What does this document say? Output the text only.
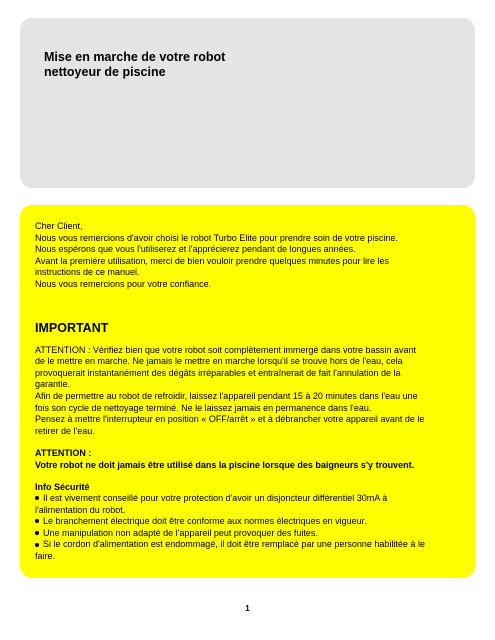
Mise en marche de votre robot
nettoyeur de piscine
Cher Client,
Nous vous remercions d'avoir choisi le robot Turbo Elite pour prendre soin de votre piscine.
Nous espérons que vous l'utiliserez et l'apprécierez pendant de longues années.
Avant la première utilisation, merci de bien vouloir prendre quelques minutes pour lire les
instructions de ce manuel.
Nous vous remercions pour votre confiance.
IMPORTANT
ATTENTION : Vérifiez bien que votre robot soit complètement immergé dans votre bassin avant
de le mettre en marche. Ne jamais le mettre en marche lorsqu'il se trouve hors de l'eau, cela
provoquerait instantanément des dégâts irréparables et entraînerait de fait l'annulation de la
garantie.
Afin de permettre au robot de refroidir, laissez l'appareil pendant 15 à 20 minutes dans l'eau une
fois son cycle de nettoyage terminé. Ne le laissez jamais en permanence dans l'eau.
Pensez à mettre l'interrupteur en position « OFF/arrêt » et à débrancher votre appareil avant de le
retirer de l'eau.
ATTENTION :
Votre robot ne doit jamais être utilisé dans la piscine lorsque des baigneurs s'y trouvent.
Info Sécurité
Il est vivement conseillé pour votre protection d'avoir un disjoncteur différentiel 30mA à
l'alimentation du robot.
Le branchement électrique doit être conforme aux normes électriques en vigueur.
Une manipulation non adapté de l'appareil peut provoquer des fuites.
Si le cordon d'alimentation est endommagé, il doit être remplacé par une personne habilitée à le
faire.
1
